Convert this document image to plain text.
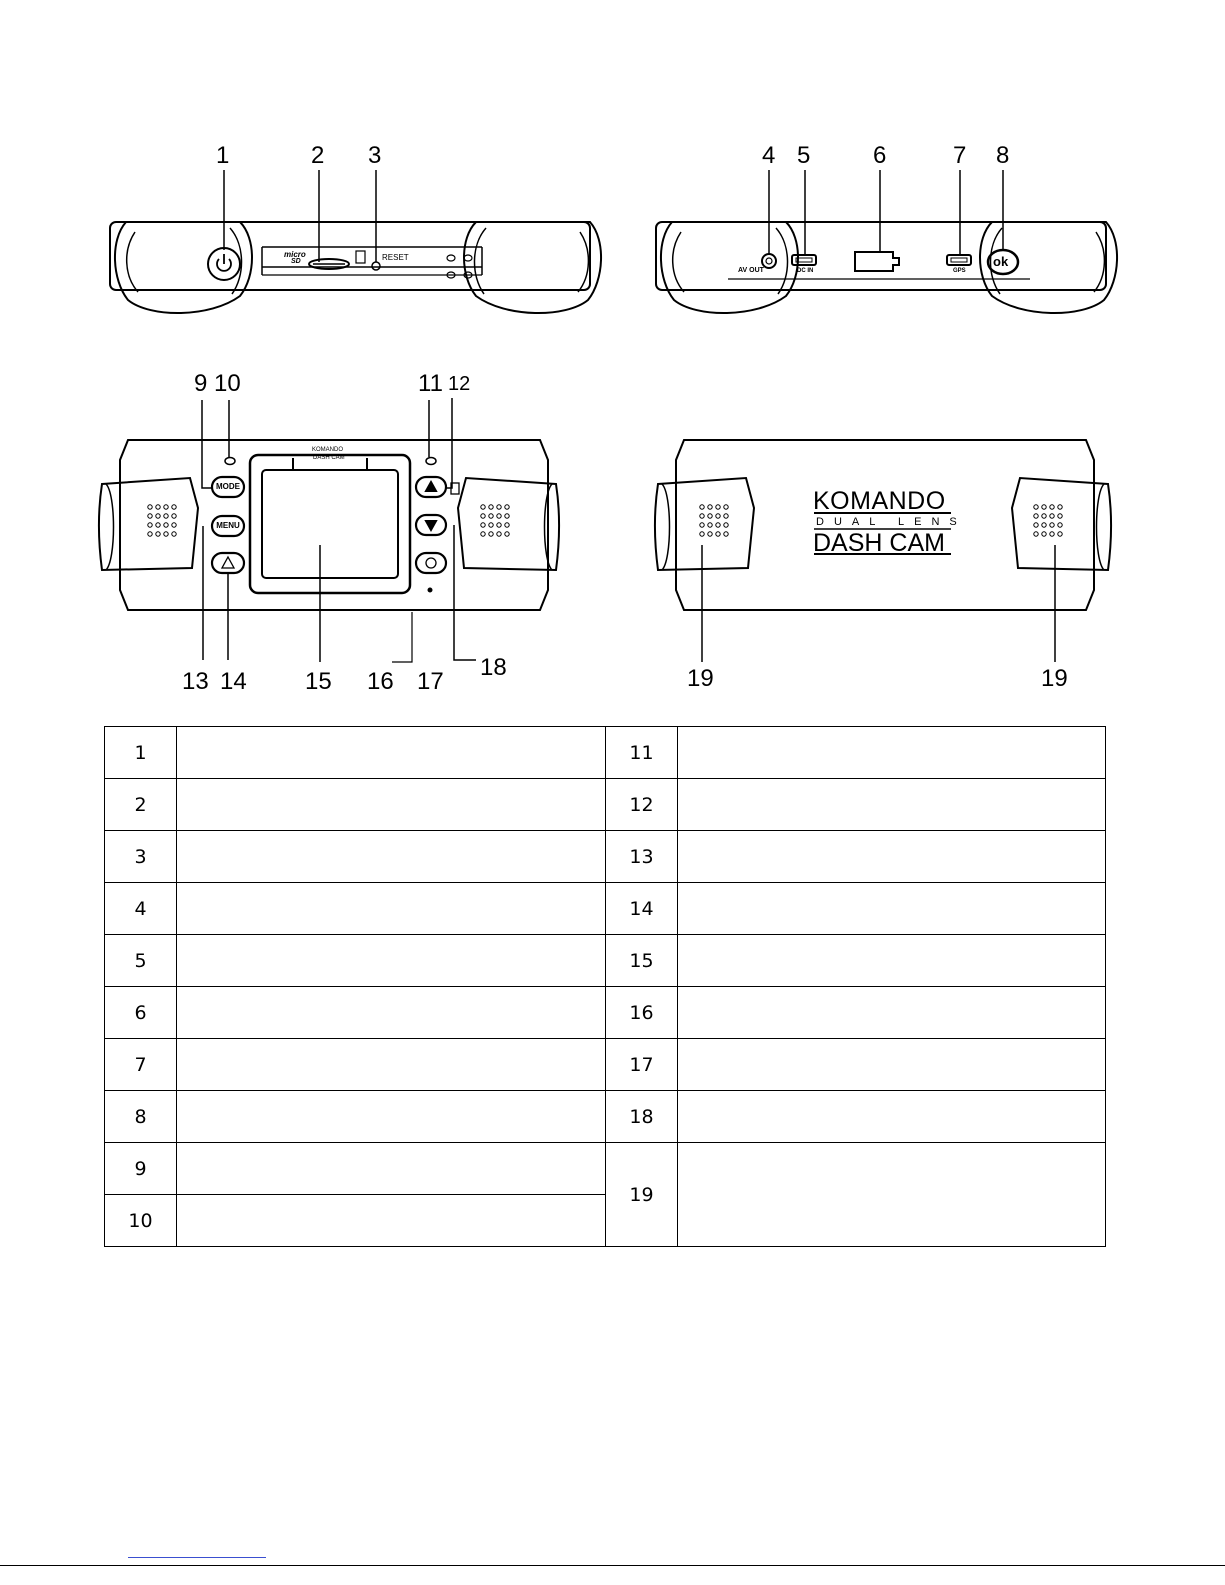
1	2 3	4 5	6	7 8
9 10	11 12
13 14 15 16 17
18	19	19
micro
SD	RESET
AV OUT	DC IN	GPS
ok
MODE
MENU
KOMANDO
DASH CAM
KOMANDO
DUAL LENS
DASH CAM
1		11	
2		12	
3		13	
4		14	
5		15	
6		16	
7		17	
8		18	
9		19	
10			
